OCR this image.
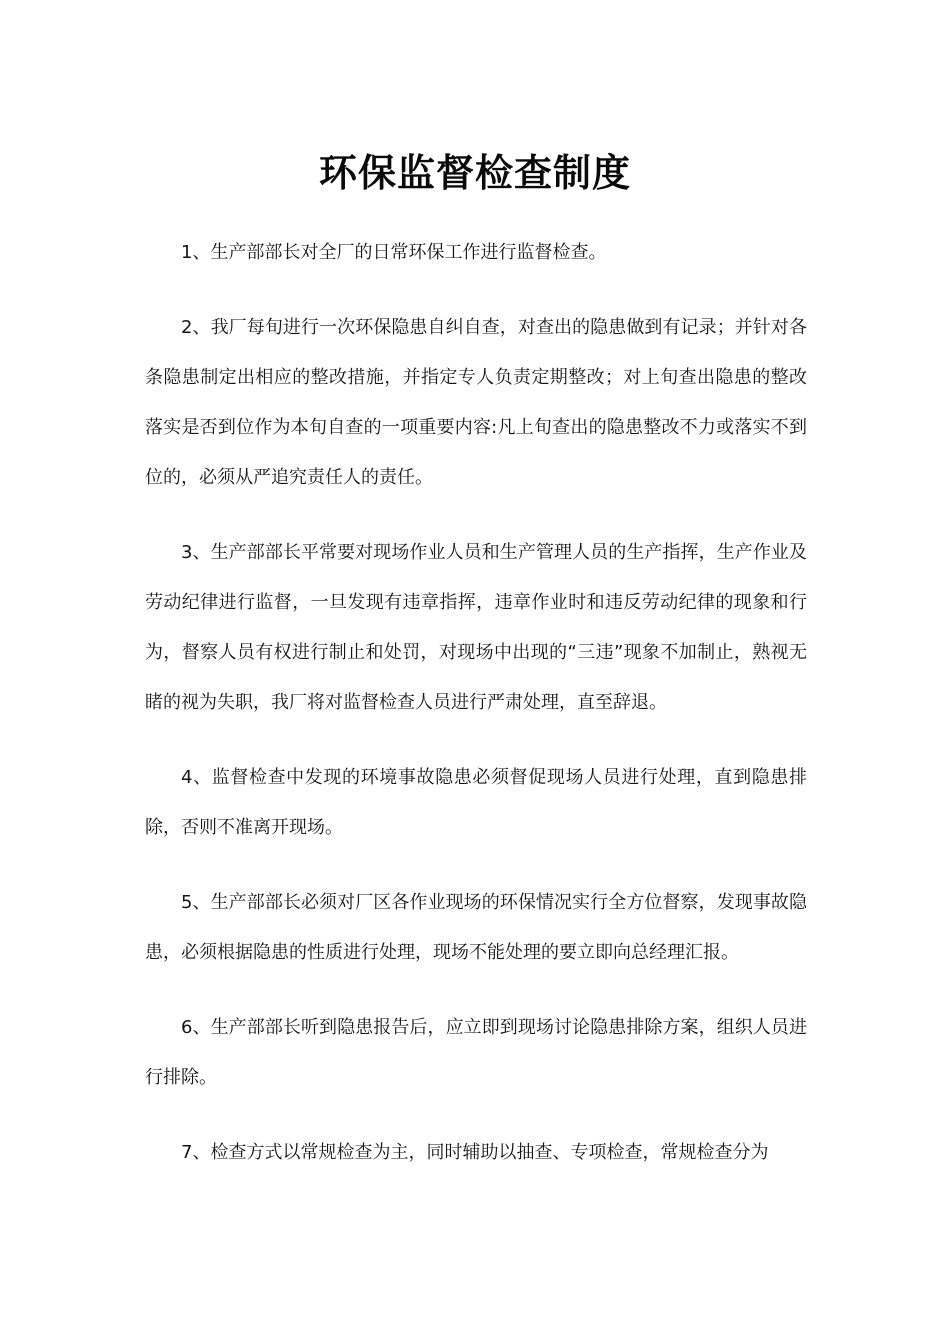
环保监督检查制度

1、生产部部长对全厂的日常环保工作进行监督检查。

2、我厂每旬进行一次环保隐患自纠自查，对查出的隐患做到有记录；并针对各条隐患制定出相应的整改措施，并指定专人负责定期整改；对上旬查出隐患的整改落实是否到位作为本旬自查的一项重要内容:凡上旬查出的隐患整改不力或落实不到位的，必须从严追究责任人的责任。

3、生产部部长平常要对现场作业人员和生产管理人员的生产指挥，生产作业及劳动纪律进行监督，一旦发现有违章指挥，违章作业时和违反劳动纪律的现象和行为，督察人员有权进行制止和处罚，对现场中出现的“三违”现象不加制止，熟视无睹的视为失职，我厂将对监督检查人员进行严肃处理，直至辞退。

4、监督检查中发现的环境事故隐患必须督促现场人员进行处理，直到隐患排除，否则不准离开现场。

5、生产部部长必须对厂区各作业现场的环保情况实行全方位督察，发现事故隐患，必须根据隐患的性质进行处理，现场不能处理的要立即向总经理汇报。

6、生产部部长听到隐患报告后，应立即到现场讨论隐患排除方案，组织人员进行排除。

7、检查方式以常规检查为主，同时辅助以抽查、专项检查，常规检查分为
